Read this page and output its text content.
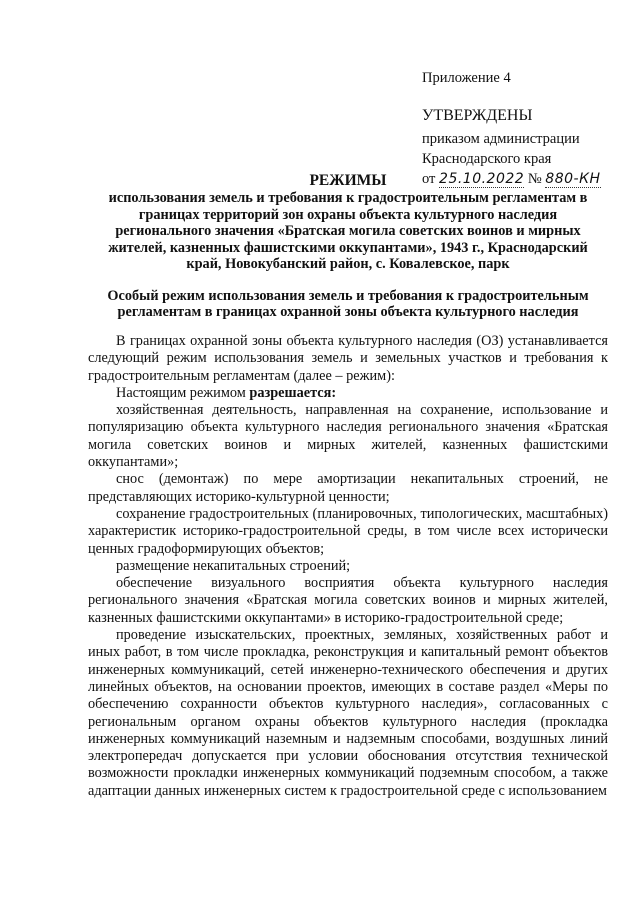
Приложение 4
УТВЕРЖДЕНЫ
приказом администрации
Краснодарского края
от 25.10.2022 № 880-КН
РЕЖИМЫ
использования земель и требования к градостроительным регламентам в
границах территорий зон охраны объекта культурного наследия
регионального значения «Братская могила советских воинов и мирных
жителей, казненных фашистскими оккупантами», 1943 г., Краснодарский
край, Новокубанский район, с. Ковалевское, парк
Особый режим использования земель и требования к градостроительным
регламентам в границах охранной зоны объекта культурного наследия

В границах охранной зоны объекта культурного наследия (ОЗ) устанавливается следующий режим использования земель и земельных участков и требования к градостроительным регламентам (далее – режим):

Настоящим режимом разрешается:

хозяйственная деятельность, направленная на сохранение, использование и популяризацию объекта культурного наследия регионального значения «Братская могила советских воинов и мирных жителей, казненных фашистскими оккупантами»;

снос (демонтаж) по мере амортизации некапитальных строений, не представляющих историко-культурной ценности;

сохранение градостроительных (планировочных, типологических, масштабных) характеристик историко-градостроительной среды, в том числе всех исторически ценных градоформирующих объектов;

размещение некапитальных строений;

обеспечение визуального восприятия объекта культурного наследия регионального значения «Братская могила советских воинов и мирных жителей, казненных фашистскими оккупантами» в историко-градостроительной среде;

проведение изыскательских, проектных, земляных, хозяйственных работ и иных работ, в том числе прокладка, реконструкция и капитальный ремонт объектов инженерных коммуникаций, сетей инженерно-технического обеспечения и других линейных объектов, на основании проектов, имеющих в составе раздел «Меры по обеспечению сохранности объектов культурного наследия», согласованных с региональным органом охраны объектов культурного наследия (прокладка инженерных коммуникаций наземным и надземным способами, воздушных линий электропередач допускается при условии обоснования отсутствия технической возможности прокладки инженерных коммуникаций подземным способом, а также адаптации данных инженерных систем к градостроительной среде с использованием
